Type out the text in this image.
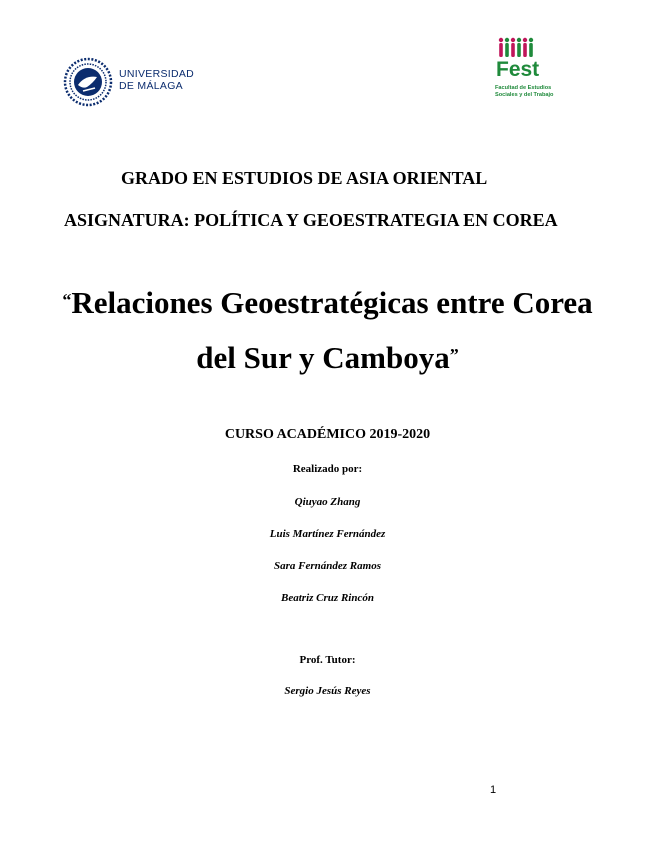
UNIVERSIDAD
DE MÁLAGA
Fest
Facultad de Estudios
Sociales y del Trabajo
GRADO EN ESTUDIOS DE ASIA ORIENTAL
ASIGNATURA: POLÍTICA Y GEOESTRATEGIA EN COREA
“Relaciones Geoestratégicas entre Corea
del Sur y Camboya”
CURSO ACADÉMICO 2019-2020
Realizado por:
Qiuyao Zhang
Luis Martínez Fernández
Sara Fernández Ramos
Beatriz Cruz Rincón
Prof. Tutor:
Sergio Jesús Reyes
1
